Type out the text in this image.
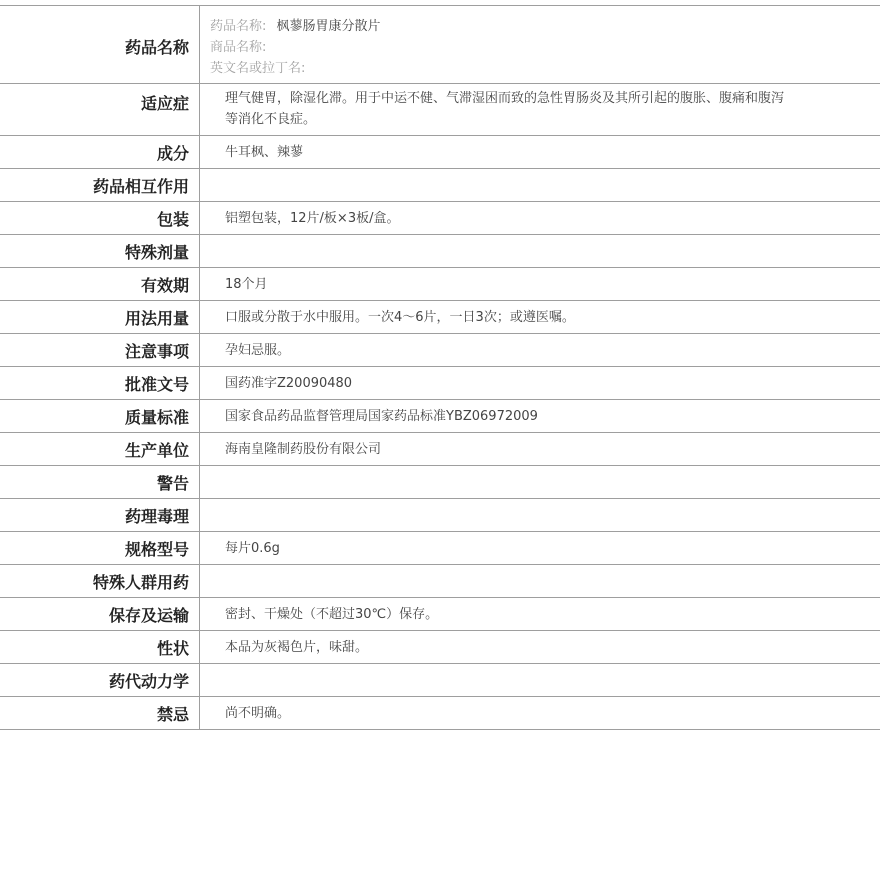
药品名称
药品名称: 枫蓼肠胃康分散片
商品名称:
英文名或拉丁名:
适应症	理气健胃，除湿化滞。用于中运不健、气滞湿困而致的急性胃肠炎及其所引起的腹胀、腹痛和腹泻等消化不良症。
成分	牛耳枫、辣蓼
药品相互作用
包装	铝塑包装，12片/板×3板/盒。
特殊剂量
有效期	18个月
用法用量	口服或分散于水中服用。一次4～6片，一日3次；或遵医嘱。
注意事项	孕妇忌服。
批准文号	国药准字Z20090480
质量标准	国家食品药品监督管理局国家药品标准YBZ06972009
生产单位	海南皇隆制药股份有限公司
警告
药理毒理
规格型号	每片0.6g
特殊人群用药
保存及运输	密封、干燥处（不超过30℃）保存。
性状	本品为灰褐色片，味甜。
药代动力学
禁忌	尚不明确。
